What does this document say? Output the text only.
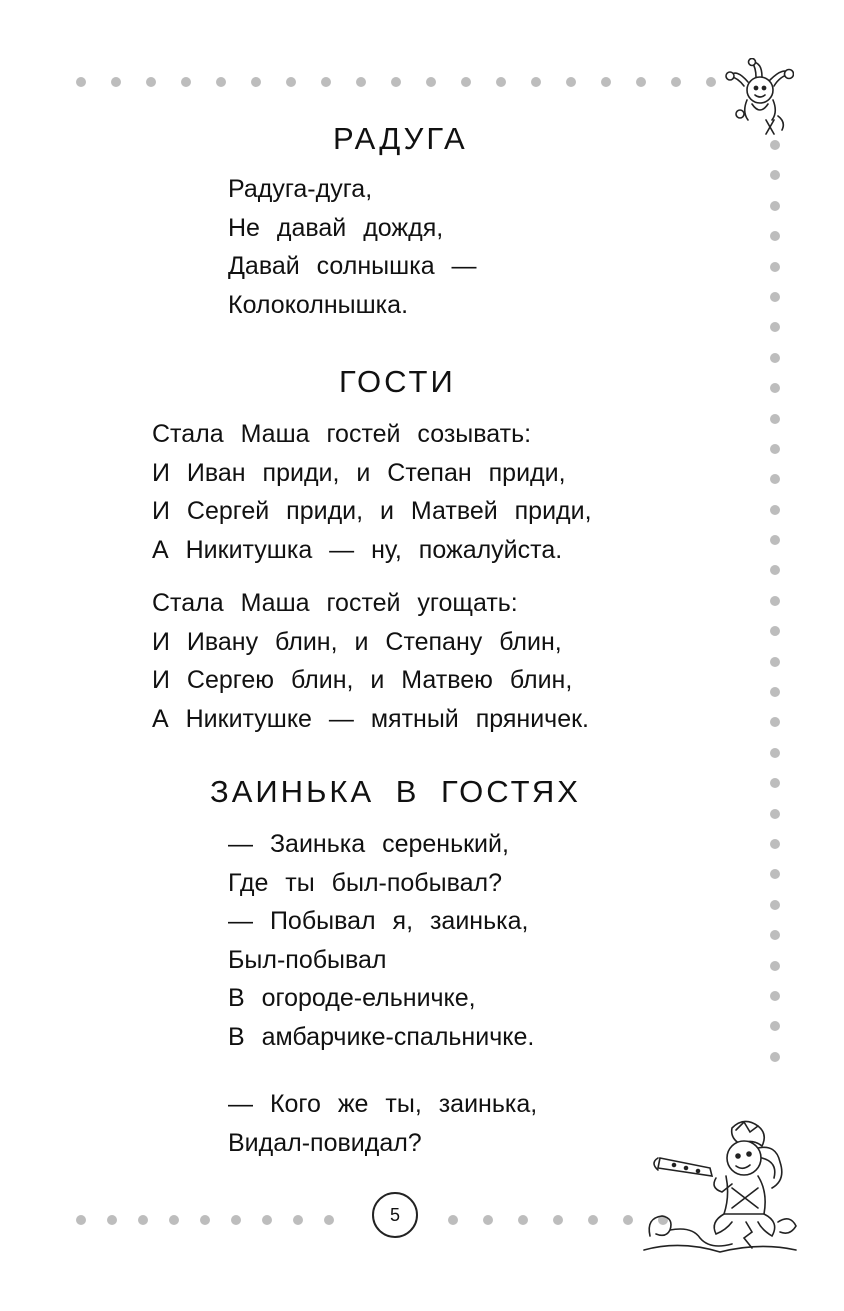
РАДУГА
Радуга-дуга,
Не давай дождя,
Давай солнышка —
Колоколнышка.
ГОСТИ
Стала Маша гостей созывать:
И Иван приди, и Степан приди,
И Сергей приди, и Матвей приди,
А Никитушка — ну, пожалуйста.
Стала Маша гостей угощать:
И Ивану блин, и Степану блин,
И Сергею блин, и Матвею блин,
А Никитушке — мятный пряничек.
ЗАИНЬКА В ГОСТЯХ
— Заинька серенький,
Где ты был-побывал?
— Побывал я, заинька,
Был-побывал
В огороде-ельничке,
В амбарчике-спальничке.
— Кого же ты, заинька,
Видал-повидал?
5
